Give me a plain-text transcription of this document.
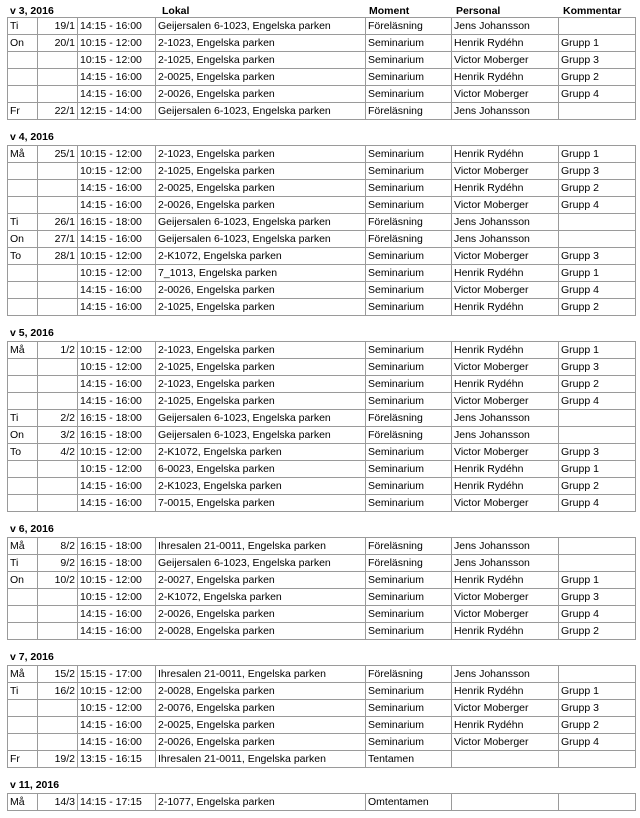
v 3, 2016	Lokal	Moment	Personal	Kommentar
Ti	19/1	14:15 - 16:00	Geijersalen 6-1023, Engelska parken	Föreläsning	Jens Johansson	
On	20/1	10:15 - 12:00	2-1023, Engelska parken	Seminarium	Henrik Rydéhn	Grupp 1
		10:15 - 12:00	2-1025, Engelska parken	Seminarium	Victor Moberger	Grupp 3
		14:15 - 16:00	2-0025, Engelska parken	Seminarium	Henrik Rydéhn	Grupp 2
		14:15 - 16:00	2-0026, Engelska parken	Seminarium	Victor Moberger	Grupp 4
Fr	22/1	12:15 - 14:00	Geijersalen 6-1023, Engelska parken	Föreläsning	Jens Johansson	
v 4, 2016
Må	25/1	10:15 - 12:00	2-1023, Engelska parken	Seminarium	Henrik Rydéhn	Grupp 1
		10:15 - 12:00	2-1025, Engelska parken	Seminarium	Victor Moberger	Grupp 3
		14:15 - 16:00	2-0025, Engelska parken	Seminarium	Henrik Rydéhn	Grupp 2
		14:15 - 16:00	2-0026, Engelska parken	Seminarium	Victor Moberger	Grupp 4
Ti	26/1	16:15 - 18:00	Geijersalen 6-1023, Engelska parken	Föreläsning	Jens Johansson	
On	27/1	14:15 - 16:00	Geijersalen 6-1023, Engelska parken	Föreläsning	Jens Johansson	
To	28/1	10:15 - 12:00	2-K1072, Engelska parken	Seminarium	Victor Moberger	Grupp 3
		10:15 - 12:00	7_1013, Engelska parken	Seminarium	Henrik Rydéhn	Grupp 1
		14:15 - 16:00	2-0026, Engelska parken	Seminarium	Victor Moberger	Grupp 4
		14:15 - 16:00	2-1025, Engelska parken	Seminarium	Henrik Rydéhn	Grupp 2
v 5, 2016
Må	1/2	10:15 - 12:00	2-1023, Engelska parken	Seminarium	Henrik Rydéhn	Grupp 1
		10:15 - 12:00	2-1025, Engelska parken	Seminarium	Victor Moberger	Grupp 3
		14:15 - 16:00	2-1023, Engelska parken	Seminarium	Henrik Rydéhn	Grupp 2
		14:15 - 16:00	2-1025, Engelska parken	Seminarium	Victor Moberger	Grupp 4
Ti	2/2	16:15 - 18:00	Geijersalen 6-1023, Engelska parken	Föreläsning	Jens Johansson	
On	3/2	16:15 - 18:00	Geijersalen 6-1023, Engelska parken	Föreläsning	Jens Johansson	
To	4/2	10:15 - 12:00	2-K1072, Engelska parken	Seminarium	Victor Moberger	Grupp 3
		10:15 - 12:00	6-0023, Engelska parken	Seminarium	Henrik Rydéhn	Grupp 1
		14:15 - 16:00	2-K1023, Engelska parken	Seminarium	Henrik Rydéhn	Grupp 2
		14:15 - 16:00	7-0015, Engelska parken	Seminarium	Victor Moberger	Grupp 4
v 6, 2016
Må	8/2	16:15 - 18:00	Ihresalen 21-0011, Engelska parken	Föreläsning	Jens Johansson	
Ti	9/2	16:15 - 18:00	Geijersalen 6-1023, Engelska parken	Föreläsning	Jens Johansson	
On	10/2	10:15 - 12:00	2-0027, Engelska parken	Seminarium	Henrik Rydéhn	Grupp 1
		10:15 - 12:00	2-K1072, Engelska parken	Seminarium	Victor Moberger	Grupp 3
		14:15 - 16:00	2-0026, Engelska parken	Seminarium	Victor Moberger	Grupp 4
		14:15 - 16:00	2-0028, Engelska parken	Seminarium	Henrik Rydéhn	Grupp 2
v 7, 2016
Må	15/2	15:15 - 17:00	Ihresalen 21-0011, Engelska parken	Föreläsning	Jens Johansson	
Ti	16/2	10:15 - 12:00	2-0028, Engelska parken	Seminarium	Henrik Rydéhn	Grupp 1
		10:15 - 12:00	2-0076, Engelska parken	Seminarium	Victor Moberger	Grupp 3
		14:15 - 16:00	2-0025, Engelska parken	Seminarium	Henrik Rydéhn	Grupp 2
		14:15 - 16:00	2-0026, Engelska parken	Seminarium	Victor Moberger	Grupp 4
Fr	19/2	13:15 - 16:15	Ihresalen 21-0011, Engelska parken	Tentamen		
v 11, 2016
Må	14/3	14:15 - 17:15	2-1077, Engelska parken	Omtentamen		
